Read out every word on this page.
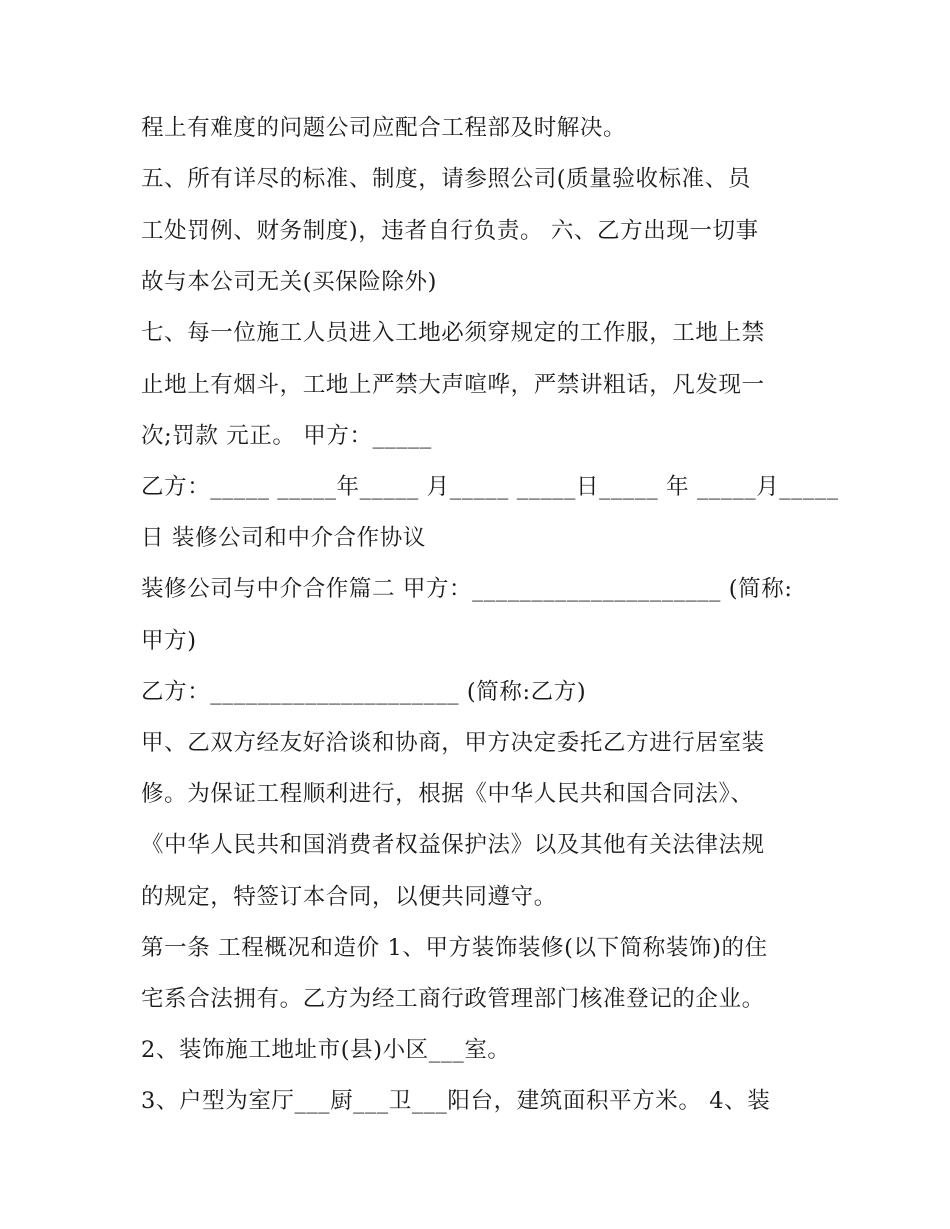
程上有难度的问题公司应配合工程部及时解决。
五、所有详尽的标准、制度，请参照公司(质量验收标准、员
工处罚例、财务制度)，违者自行负责。 六、乙方出现一切事
故与本公司无关(买保险除外)
七、每一位施工人员进入工地必须穿规定的工作服，工地上禁
止地上有烟斗，工地上严禁大声喧哗，严禁讲粗话，凡发现一
次;罚款 元正。 甲方：_____
乙方：_____ _____年_____ 月_____ _____日_____ 年 _____月_____
日 装修公司和中介合作协议
装修公司与中介合作篇二 甲方：_____________________ (简称:
甲方)
乙方：_____________________ (简称:乙方)
甲、乙双方经友好洽谈和协商，甲方决定委托乙方进行居室装
修。为保证工程顺利进行，根据《中华人民共和国合同法》、
《中华人民共和国消费者权益保护法》以及其他有关法律法规
的规定，特签订本合同，以便共同遵守。
第一条 工程概况和造价 1、甲方装饰装修(以下简称装饰)的住
宅系合法拥有。乙方为经工商行政管理部门核准登记的企业。
2、装饰施工地址市(县)小区___室。
3、户型为室厅___厨___卫___阳台，建筑面积平方米。 4、装
